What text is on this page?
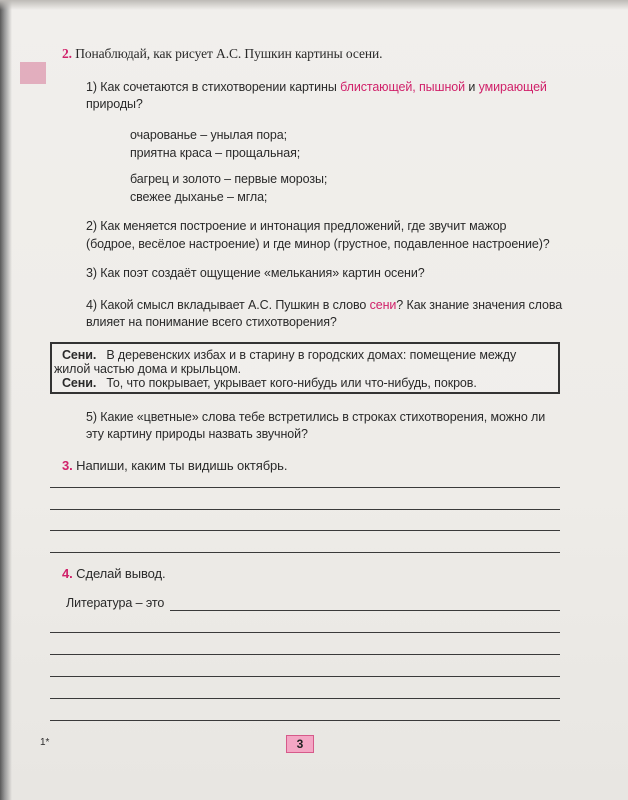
2. Понаблюдай, как рисует А.С. Пушкин картины осени.
1) Как сочетаются в стихотворении картины блистающей, пышной и умирающей
природы?
очарованье – унылая пора;
приятна краса – прощальная;
багрец и золото – первые морозы;
свежее дыханье – мгла;
2) Как меняется построение и интонация предложений, где звучит мажор
(бодрое, весёлое настроение) и где минор (грустное, подавленное настроение)?
3) Как поэт создаёт ощущение «мелькания» картин осени?
4) Какой смысл вкладывает А.С. Пушкин в слово сени? Как знание значения слова
влияет на понимание всего стихотворения?
Сени. В деревенских избах и в старину в городских домах: помещение между
жилой частью дома и крыльцом.
Сени. То, что покрывает, укрывает кого-нибудь или что-нибудь, покров.
5) Какие «цветные» слова тебе встретились в строках стихотворения, можно ли
эту картину природы назвать звучной?
3. Напиши, каким ты видишь октябрь.
4. Сделай вывод.
Литература – это
1*	3
